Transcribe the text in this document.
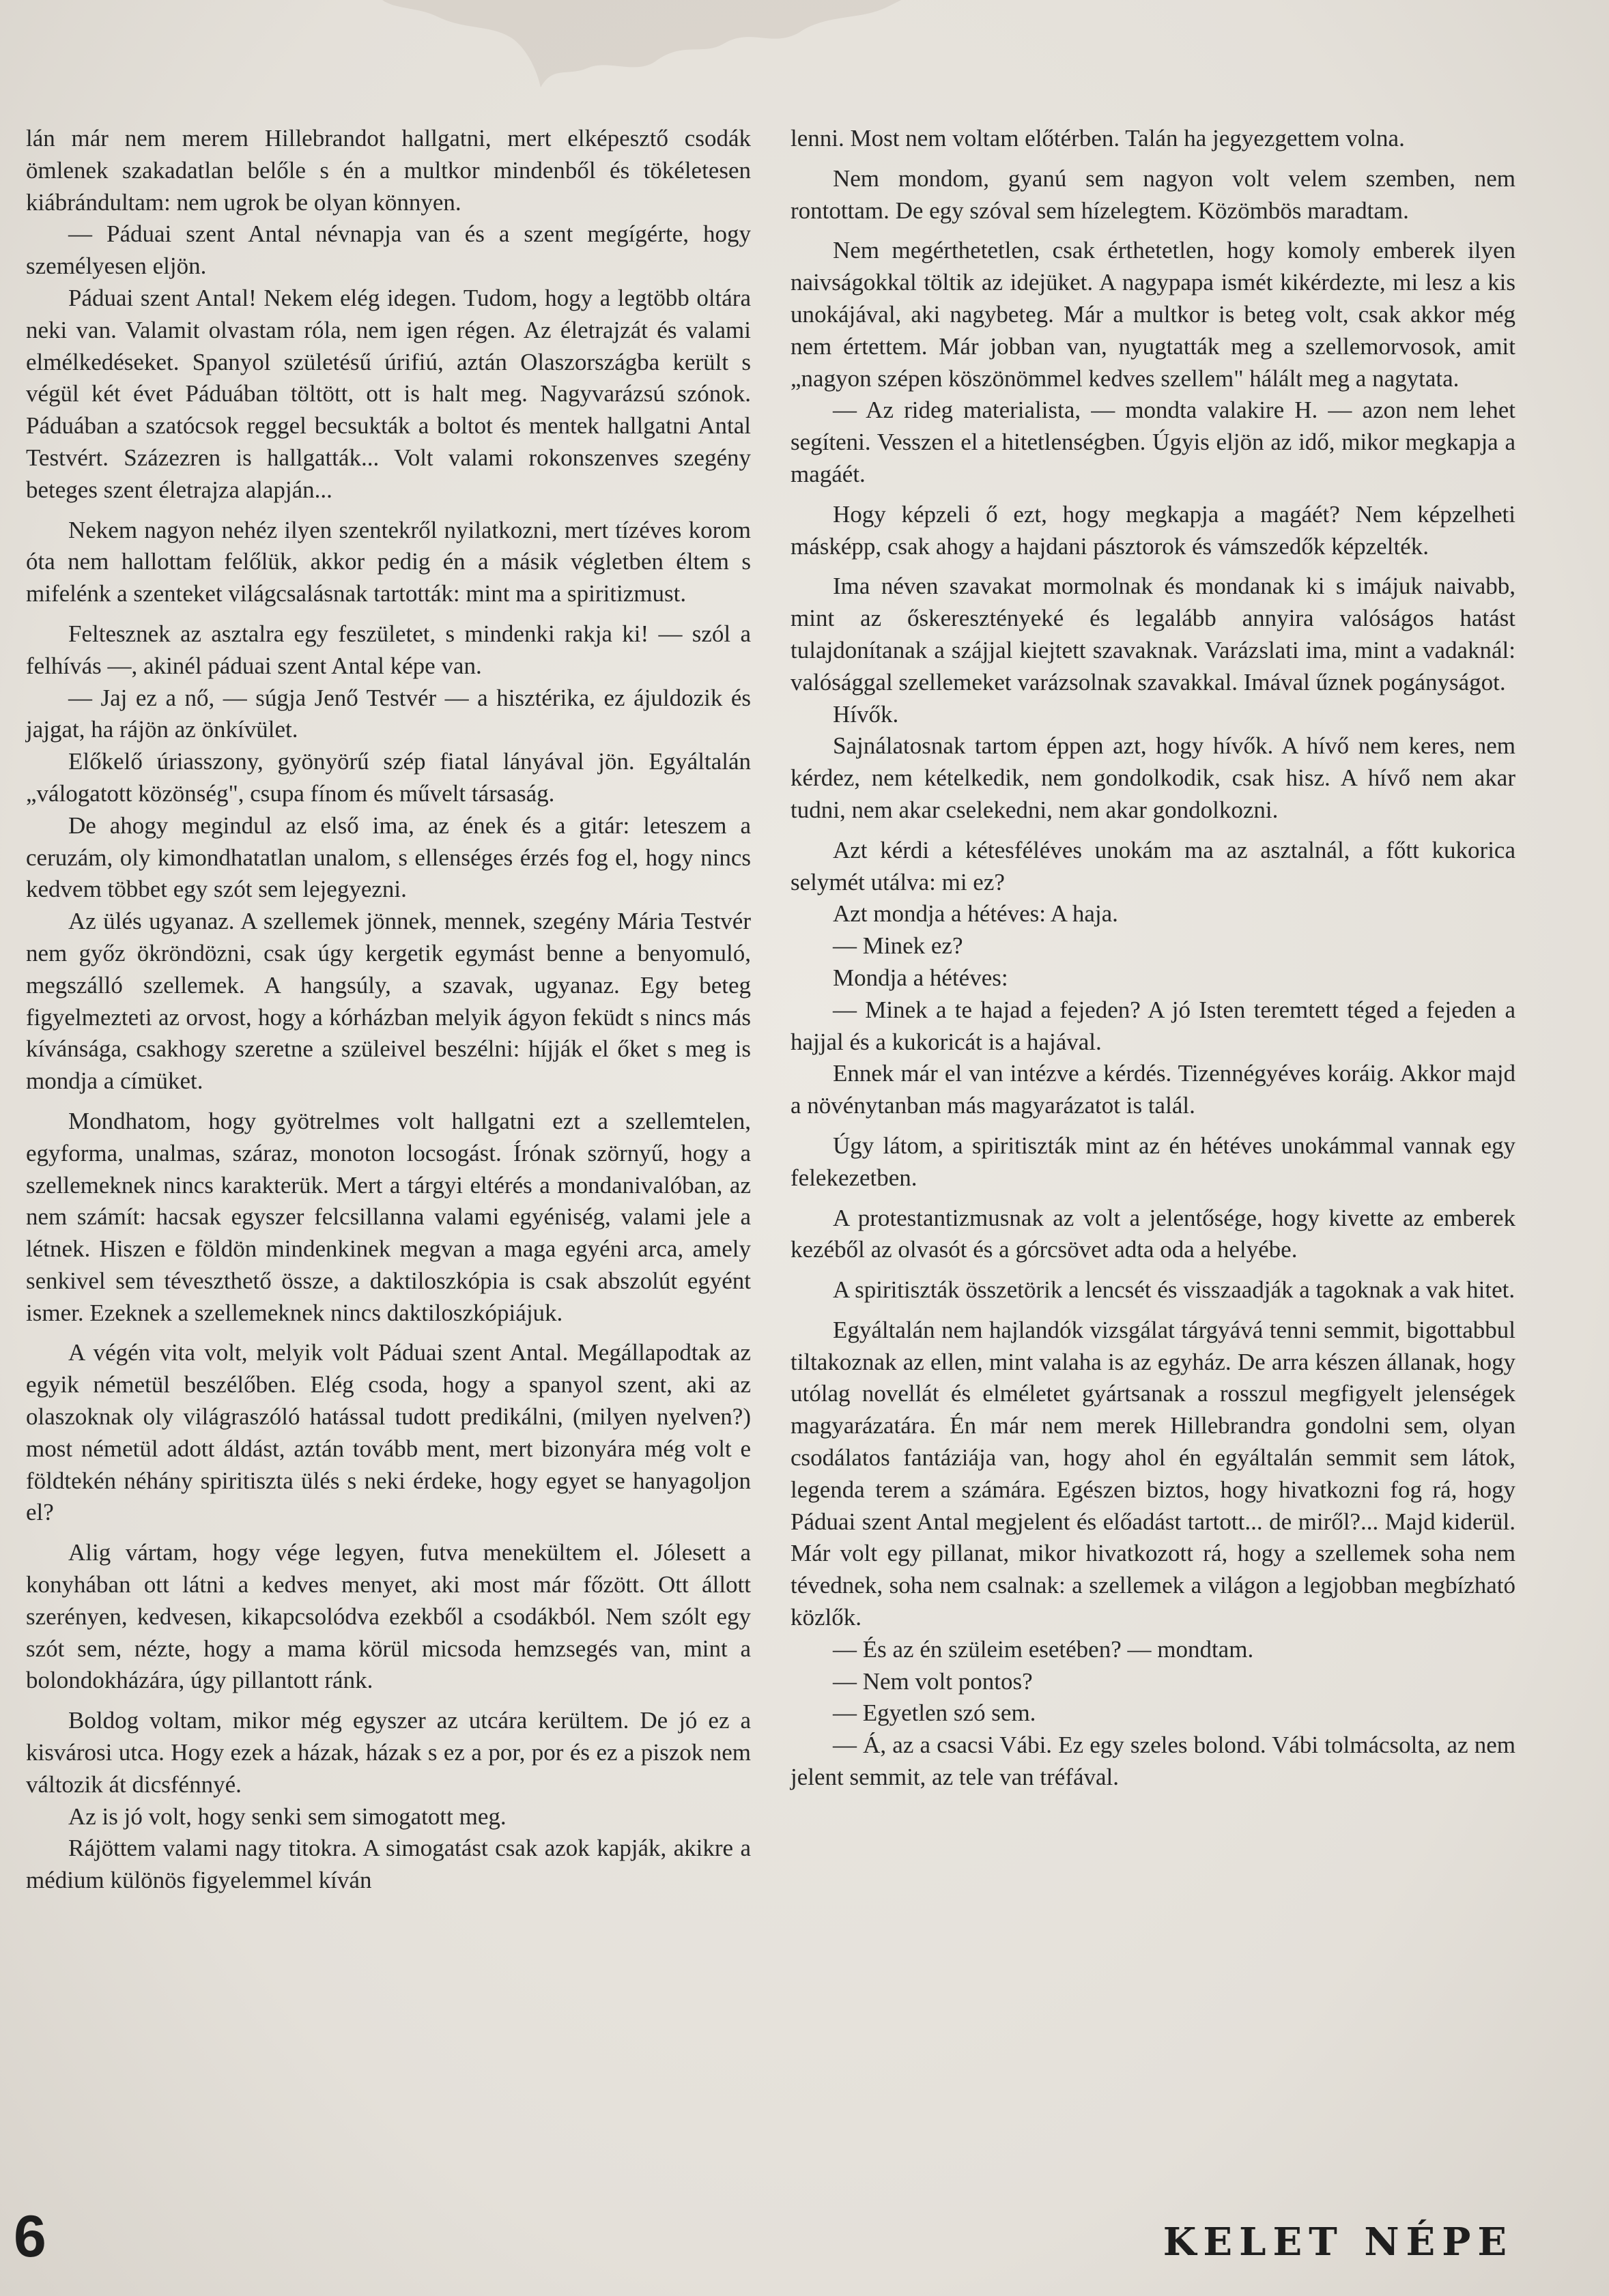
lán már nem merem Hillebrandot hallgatni, mert elképesztő csodák ömlenek szakadatlan belőle s én a multkor mindenből és tökéletesen kiábrándultam: nem ugrok be olyan könnyen.

— Páduai szent Antal névnapja van és a szent megígérte, hogy személyesen eljön.

Páduai szent Antal! Nekem elég idegen. Tudom, hogy a legtöbb oltára neki van. Valamit olvastam róla, nem igen régen. Az életrajzát és valami elmélkedéseket. Spanyol születésű úrifiú, aztán Olaszországba került s végül két évet Páduában töltött, ott is halt meg. Nagyvarázsú szónok. Páduában a szatócsok reggel becsukták a boltot és mentek hallgatni Antal Testvért. Százezren is hallgatták... Volt valami rokonszenves szegény beteges szent életrajza alapján...

Nekem nagyon nehéz ilyen szentekről nyilatkozni, mert tízéves korom óta nem hallottam felőlük, akkor pedig én a másik végletben éltem s mifelénk a szenteket világcsalásnak tartották: mint ma a spiritizmust.

Feltesznek az asztalra egy feszületet, s mindenki rakja ki! — szól a felhívás —, akinél páduai szent Antal képe van.

— Jaj ez a nő, — súgja Jenő Testvér — a hisztérika, ez ájuldozik és jajgat, ha rájön az önkívület.

Előkelő úriasszony, gyönyörű szép fiatal lányával jön. Egyáltalán „válogatott közönség", csupa fínom és művelt társaság.

De ahogy megindul az első ima, az ének és a gitár: leteszem a ceruzám, oly kimondhatatlan unalom, s ellenséges érzés fog el, hogy nincs kedvem többet egy szót sem lejegyezni.

Az ülés ugyanaz. A szellemek jönnek, mennek, szegény Mária Testvér nem győz ökröndözni, csak úgy kergetik egymást benne a benyomuló, megszálló szellemek. A hangsúly, a szavak, ugyanaz. Egy beteg figyelmezteti az orvost, hogy a kórházban melyik ágyon feküdt s nincs más kívánsága, csakhogy szeretne a szüleivel beszélni: híjják el őket s meg is mondja a címüket.

Mondhatom, hogy gyötrelmes volt hallgatni ezt a szellemtelen, egyforma, unalmas, száraz, monoton locsogást. Írónak szörnyű, hogy a szellemeknek nincs karakterük. Mert a tárgyi eltérés a mondanivalóban, az nem számít: hacsak egyszer felcsillanna valami egyéniség, valami jele a létnek. Hiszen e földön mindenkinek megvan a maga egyéni arca, amely senkivel sem téveszthető össze, a daktiloszkópia is csak abszolút egyént ismer. Ezeknek a szellemeknek nincs daktiloszkópiájuk.

A végén vita volt, melyik volt Páduai szent Antal. Megállapodtak az egyik németül beszélőben. Elég csoda, hogy a spanyol szent, aki az olaszoknak oly világraszóló hatással tudott predikálni, (milyen nyelven?) most németül adott áldást, aztán tovább ment, mert bizonyára még volt e földtekén néhány spiritiszta ülés s neki érdeke, hogy egyet se hanyagoljon el?

Alig vártam, hogy vége legyen, futva menekültem el. Jólesett a konyhában ott látni a kedves menyet, aki most már főzött. Ott állott szerényen, kedvesen, kikapcsolódva ezekből a csodákból. Nem szólt egy szót sem, nézte, hogy a mama körül micsoda hemzsegés van, mint a bolondokházára, úgy pillantott ránk.

Boldog voltam, mikor még egyszer az utcára kerültem. De jó ez a kisvárosi utca. Hogy ezek a házak, házak s ez a por, por és ez a piszok nem változik át dicsfénnyé.

Az is jó volt, hogy senki sem simogatott meg.

Rájöttem valami nagy titokra. A simogatást csak azok kapják, akikre a médium különös figyelemmel kíván

lenni. Most nem voltam előtérben. Talán ha jegyezgettem volna.

Nem mondom, gyanú sem nagyon volt velem szemben, nem rontottam. De egy szóval sem hízelegtem. Közömbös maradtam.

Nem megérthetetlen, csak érthetetlen, hogy komoly emberek ilyen naivságokkal töltik az idejüket. A nagypapa ismét kikérdezte, mi lesz a kis unokájával, aki nagybeteg. Már a multkor is beteg volt, csak akkor még nem értettem. Már jobban van, nyugtatták meg a szellemorvosok, amit „nagyon szépen köszönömmel kedves szellem" hálált meg a nagytata.

— Az rideg materialista, — mondta valakire H. — azon nem lehet segíteni. Vesszen el a hitetlenségben. Úgyis eljön az idő, mikor megkapja a magáét.

Hogy képzeli ő ezt, hogy megkapja a magáét? Nem képzelheti másképp, csak ahogy a hajdani pásztorok és vámszedők képzelték.

Ima néven szavakat mormolnak és mondanak ki s imájuk naivabb, mint az őskeresztényeké és legalább annyira valóságos hatást tulajdonítanak a szájjal kiejtett szavaknak. Varázslati ima, mint a vadaknál: valósággal szellemeket varázsolnak szavakkal. Imával űznek pogányságot.

Hívők.

Sajnálatosnak tartom éppen azt, hogy hívők. A hívő nem keres, nem kérdez, nem kételkedik, nem gondolkodik, csak hisz. A hívő nem akar tudni, nem akar cselekedni, nem akar gondolkozni.

Azt kérdi a kétesféléves unokám ma az asztalnál, a főtt kukorica selymét utálva: mi ez?

Azt mondja a hétéves: A haja.

— Minek ez?

Mondja a hétéves:

— Minek a te hajad a fejeden? A jó Isten teremtett téged a fejeden a hajjal és a kukoricát is a hajával.

Ennek már el van intézve a kérdés. Tizennégyéves koráig. Akkor majd a növénytanban más magyarázatot is talál.

Úgy látom, a spiritiszták mint az én hétéves unokámmal vannak egy felekezetben.

A protestantizmusnak az volt a jelentősége, hogy kivette az emberek kezéből az olvasót és a górcsövet adta oda a helyébe.

A spiritiszták összetörik a lencsét és visszaadják a tagoknak a vak hitet.

Egyáltalán nem hajlandók vizsgálat tárgyává tenni semmit, bigottabbul tiltakoznak az ellen, mint valaha is az egyház. De arra készen állanak, hogy utólag novellát és elméletet gyártsanak a rosszul megfigyelt jelenségek magyarázatára. Én már nem merek Hillebrandra gondolni sem, olyan csodálatos fantáziája van, hogy ahol én egyáltalán semmit sem látok, legenda terem a számára. Egészen biztos, hogy hivatkozni fog rá, hogy Páduai szent Antal megjelent és előadást tartott... de miről?... Majd kiderül. Már volt egy pillanat, mikor hivatkozott rá, hogy a szellemek soha nem tévednek, soha nem csalnak: a szellemek a világon a legjobban megbízható közlők.

— És az én szüleim esetében? — mondtam.

— Nem volt pontos?

— Egyetlen szó sem.

— Á, az a csacsi Vábi. Ez egy szeles bolond. Vábi tolmácsolta, az nem jelent semmit, az tele van tréfával.

6	KELET NÉPE
